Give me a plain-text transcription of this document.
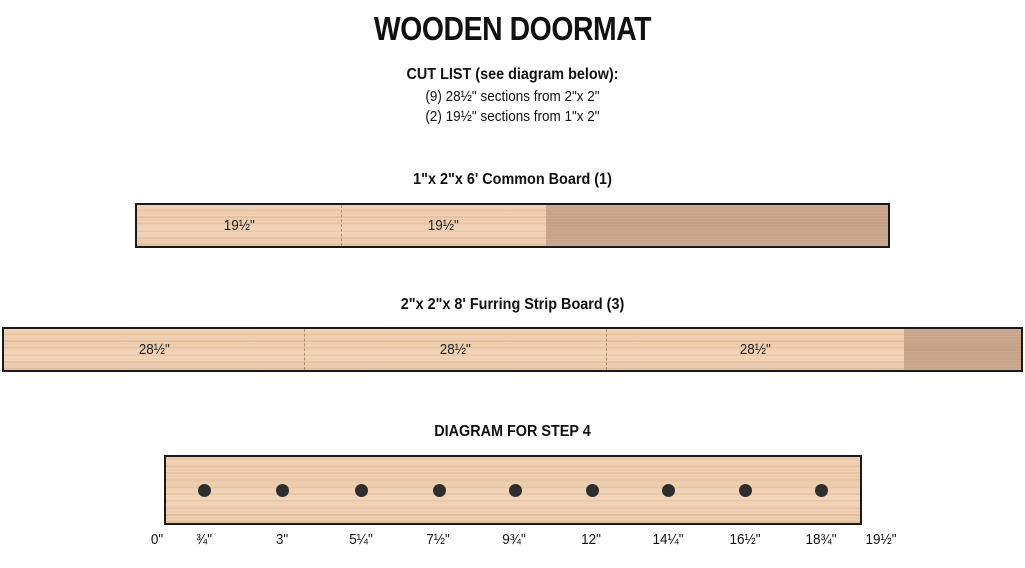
WOODEN DOORMAT
CUT LIST (see diagram below):
(9) 28½" sections from 2"x 2"
(2) 19½" sections from 1"x 2"
1"x 2"x 6' Common Board (1)
19½"	19½"
2"x 2"x 8' Furring Strip Board (3)
28½"	28½"	28½"
DIAGRAM FOR STEP 4
0" ¾"	3"	5¼"	7½"	9¾"	12"	14¼"	16½"	18¾" 19½"
